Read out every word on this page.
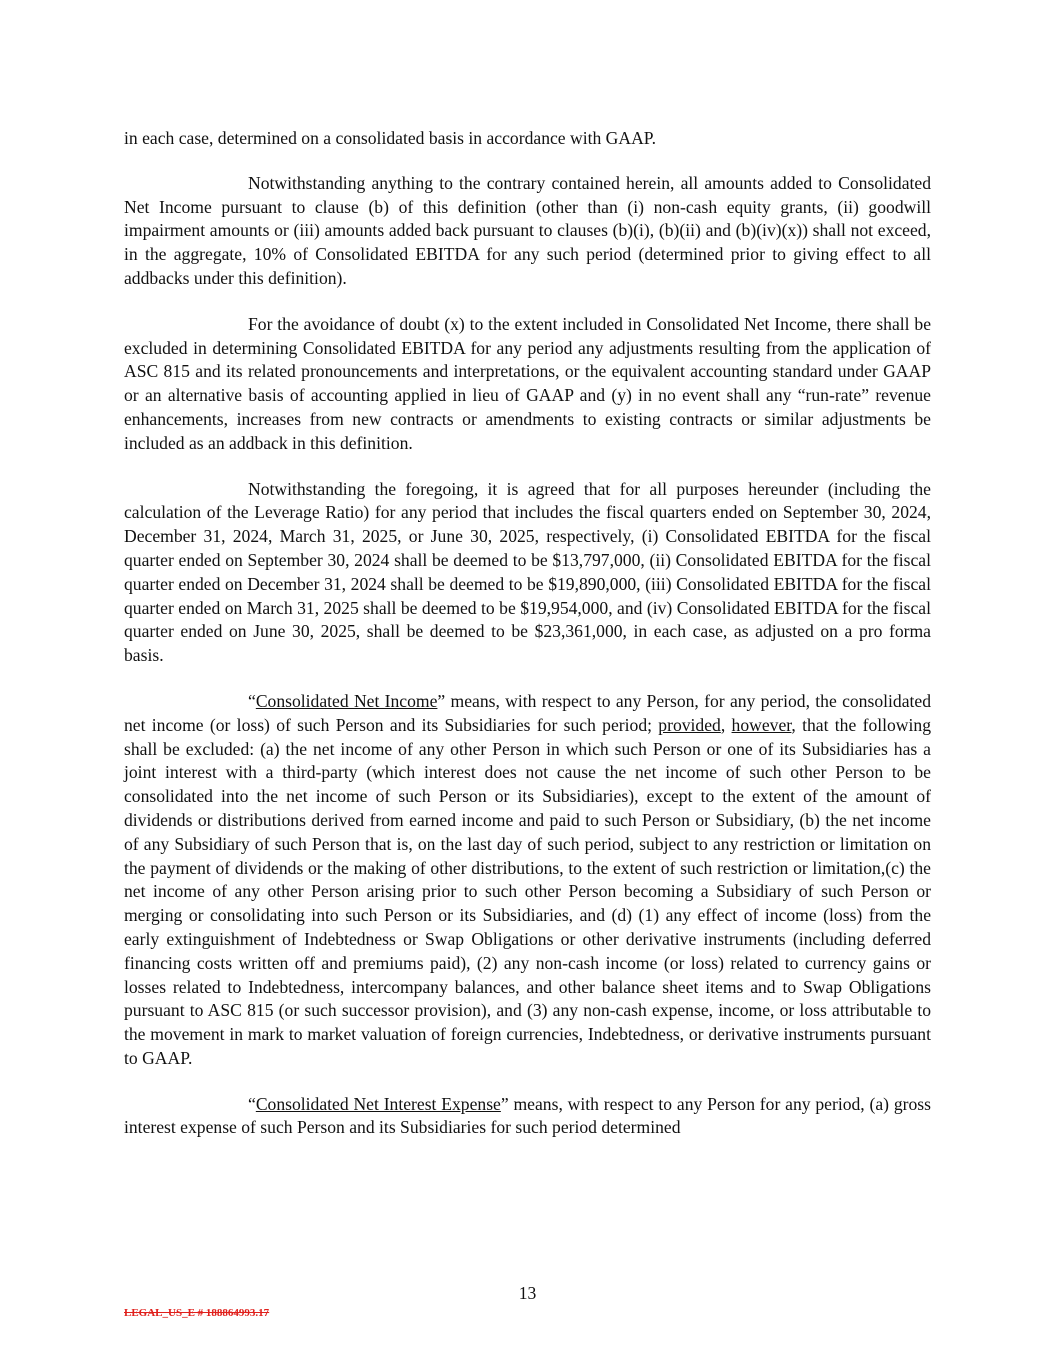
in each case, determined on a consolidated basis in accordance with GAAP.

Notwithstanding anything to the contrary contained herein, all amounts added to Consolidated Net Income pursuant to clause (b) of this definition (other than (i) non-cash equity grants, (ii) goodwill impairment amounts or (iii) amounts added back pursuant to clauses (b)(i), (b)(ii) and (b)(iv)(x)) shall not exceed, in the aggregate, 10% of Consolidated EBITDA for any such period (determined prior to giving effect to all addbacks under this definition).

For the avoidance of doubt (x) to the extent included in Consolidated Net Income, there shall be excluded in determining Consolidated EBITDA for any period any adjustments resulting from the application of ASC 815 and its related pronouncements and interpretations, or the equivalent accounting standard under GAAP or an alternative basis of accounting applied in lieu of GAAP and (y) in no event shall any “run-rate” revenue enhancements, increases from new contracts or amendments to existing contracts or similar adjustments be included as an addback in this definition.

Notwithstanding the foregoing, it is agreed that for all purposes hereunder (including the calculation of the Leverage Ratio) for any period that includes the fiscal quarters ended on September 30, 2024, December 31, 2024, March 31, 2025, or June 30, 2025, respectively, (i) Consolidated EBITDA for the fiscal quarter ended on September 30, 2024 shall be deemed to be $13,797,000, (ii) Consolidated EBITDA for the fiscal quarter ended on December 31, 2024 shall be deemed to be $19,890,000, (iii) Consolidated EBITDA for the fiscal quarter ended on March 31, 2025 shall be deemed to be $19,954,000, and (iv) Consolidated EBITDA for the fiscal quarter ended on June 30, 2025, shall be deemed to be $23,361,000, in each case, as adjusted on a pro forma basis.

“Consolidated Net Income” means, with respect to any Person, for any period, the consolidated net income (or loss) of such Person and its Subsidiaries for such period; provided, however, that the following shall be excluded: (a) the net income of any other Person in which such Person or one of its Subsidiaries has a joint interest with a third-party (which interest does not cause the net income of such other Person to be consolidated into the net income of such Person or its Subsidiaries), except to the extent of the amount of dividends or distributions derived from earned income and paid to such Person or Subsidiary, (b) the net income of any Subsidiary of such Person that is, on the last day of such period, subject to any restriction or limitation on the payment of dividends or the making of other distributions, to the extent of such restriction or limitation,(c) the net income of any other Person arising prior to such other Person becoming a Subsidiary of such Person or merging or consolidating into such Person or its Subsidiaries, and (d) (1) any effect of income (loss) from the early extinguishment of Indebtedness or Swap Obligations or other derivative instruments (including deferred financing costs written off and premiums paid), (2) any non-cash income (or loss) related to currency gains or losses related to Indebtedness, intercompany balances, and other balance sheet items and to Swap Obligations pursuant to ASC 815 (or such successor provision), and (3) any non-cash expense, income, or loss attributable to the movement in mark to market valuation of foreign currencies, Indebtedness, or derivative instruments pursuant to GAAP.

“Consolidated Net Interest Expense” means, with respect to any Person for any period, (a) gross interest expense of such Person and its Subsidiaries for such period determined

13
LEGAL_US_E # 188864993.17
